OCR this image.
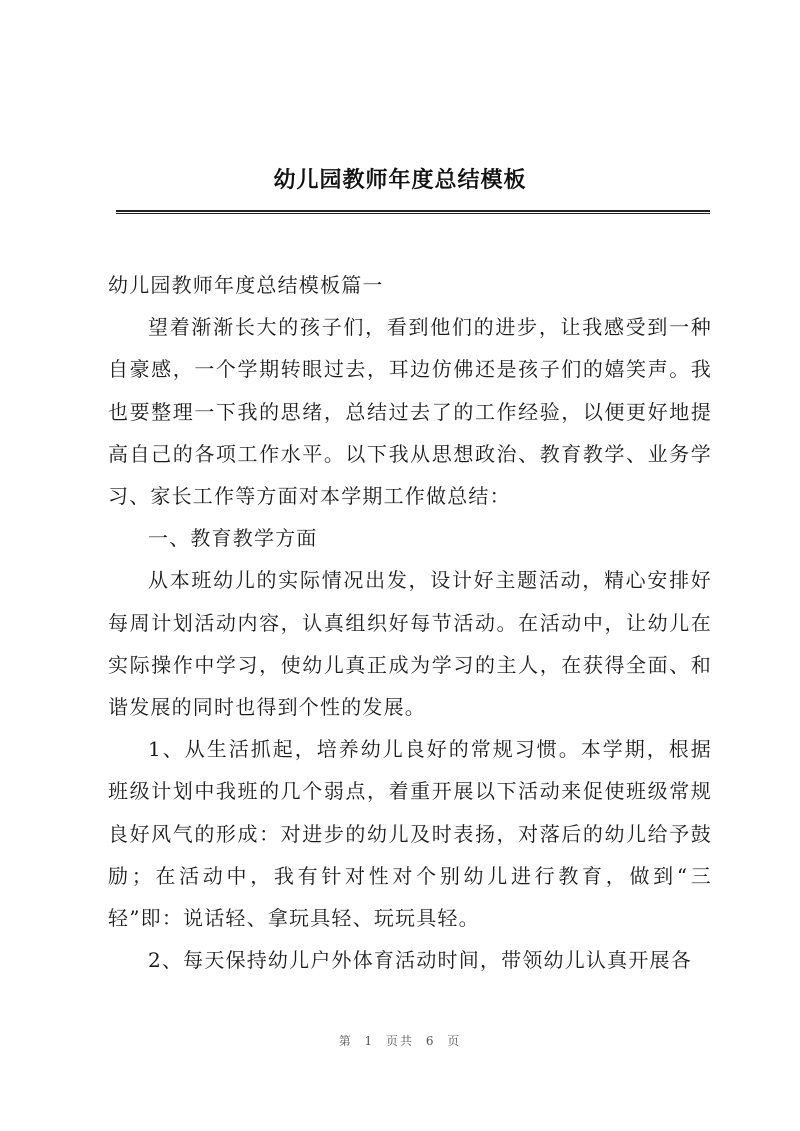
幼儿园教师年度总结模板

幼儿园教师年度总结模板篇一

望着渐渐长大的孩子们，看到他们的进步，让我感受到一种自豪感，一个学期转眼过去，耳边仿佛还是孩子们的嬉笑声。我也要整理一下我的思绪，总结过去了的工作经验，以便更好地提高自己的各项工作水平。以下我从思想政治、教育教学、业务学习、家长工作等方面对本学期工作做总结：

一、教育教学方面

从本班幼儿的实际情况出发，设计好主题活动，精心安排好每周计划活动内容，认真组织好每节活动。在活动中，让幼儿在实际操作中学习，使幼儿真正成为学习的主人，在获得全面、和谐发展的同时也得到个性的发展。

1、从生活抓起，培养幼儿良好的常规习惯。本学期，根据班级计划中我班的几个弱点，着重开展以下活动来促使班级常规良好风气的形成：对进步的幼儿及时表扬，对落后的幼儿给予鼓励；在活动中，我有针对性对个别幼儿进行教育，做到“三轻”即：说话轻、拿玩具轻、玩玩具轻。

2、每天保持幼儿户外体育活动时间，带领幼儿认真开展各

第 1 页共 6 页
